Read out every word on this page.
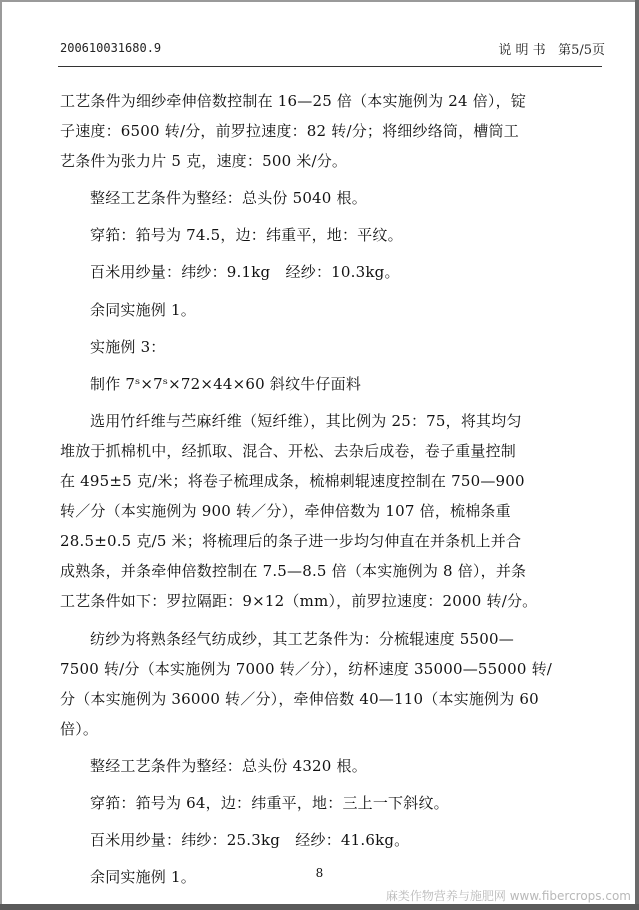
200610031680.9	说 明 书 第5/5页

工艺条件为细纱牵伸倍数控制在 16—25 倍（本实施例为 24 倍），锭

子速度：6500 转/分，前罗拉速度：82 转/分；将细纱络筒，槽筒工

艺条件为张力片 5 克，速度：500 米/分。

整经工艺条件为整经：总头份 5040 根。

穿筘：筘号为 74.5，边：纬重平，地：平纹。

百米用纱量：纬纱：9.1kg　经纱：10.3kg。

余同实施例 1。

实施例 3：

制作 7ˢ×7ˢ×72×44×60 斜纹牛仔面料

选用竹纤维与苎麻纤维（短纤维），其比例为 25：75，将其均匀

堆放于抓棉机中，经抓取、混合、开松、去杂后成卷，卷子重量控制

在 495±5 克/米；将卷子梳理成条，梳棉刺辊速度控制在 750—900

转／分（本实施例为 900 转／分），牵伸倍数为 107 倍，梳棉条重

28.5±0.5 克/5 米；将梳理后的条子进一步均匀伸直在并条机上并合

成熟条，并条牵伸倍数控制在 7.5—8.5 倍（本实施例为 8 倍），并条

工艺条件如下：罗拉隔距：9×12（mm），前罗拉速度：2000 转/分。

纺纱为将熟条经气纺成纱，其工艺条件为：分梳辊速度 5500—

7500 转/分（本实施例为 7000 转／分），纺杯速度 35000—55000 转/

分（本实施例为 36000 转／分），牵伸倍数 40—110（本实施例为 60

倍）。

整经工艺条件为整经：总头份 4320 根。

穿筘：筘号为 64，边：纬重平，地：三上一下斜纹。

百米用纱量：纬纱：25.3kg　经纱：41.6kg。

余同实施例 1。	8
麻类作物营养与施肥网 www.fibercrops.com
